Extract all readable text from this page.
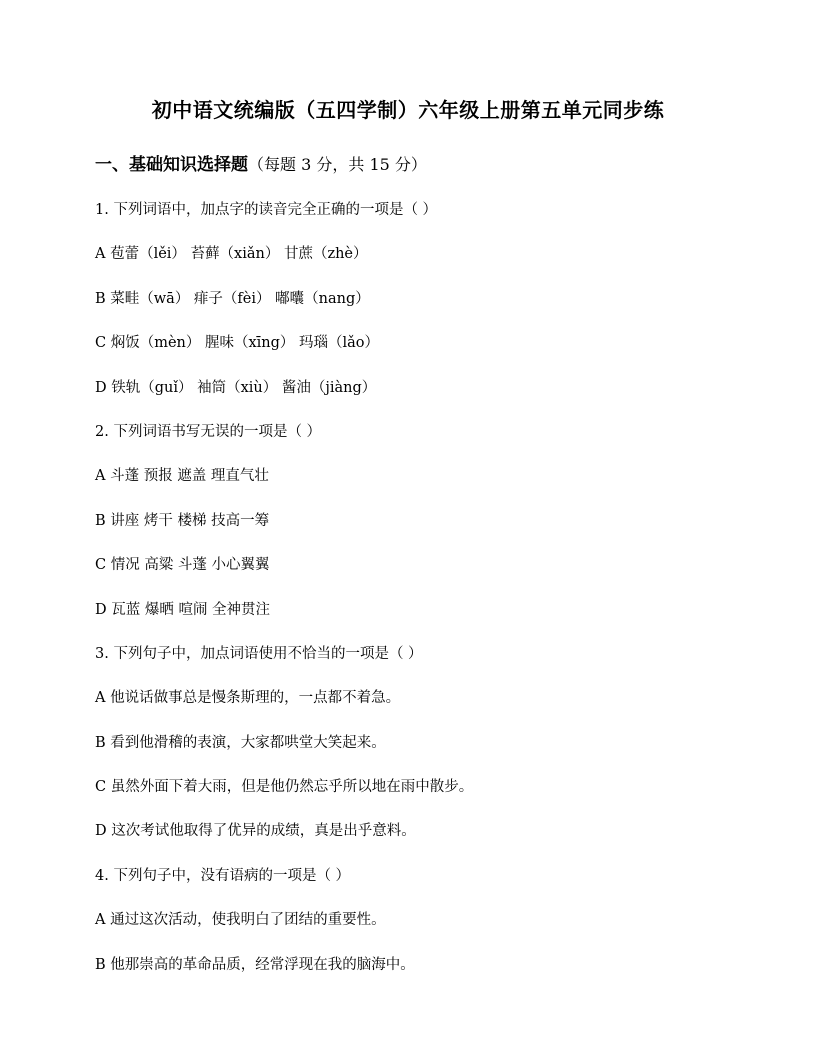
初中语文统编版（五四学制）六年级上册第五单元同步练
一、基础知识选择题（每题 3 分，共 15 分）
1. 下列词语中，加点字的读音完全正确的一项是（ ）
A 苞蕾（lěi） 苔藓（xiǎn） 甘蔗（zhè）
B 菜畦（wā） 痱子（fèi） 嘟囔（nang）
C 焖饭（mèn） 腥味（xīng） 玛瑙（lǎo）
D 铁轨（guǐ） 袖筒（xiù） 酱油（jiàng）
2. 下列词语书写无误的一项是（ ）
A 斗蓬 预报 遮盖 理直气壮
B 讲座 烤干 楼梯 技高一筹
C 情况 高粱 斗蓬 小心翼翼
D 瓦蓝 爆晒 喧闹 全神贯注
3. 下列句子中，加点词语使用不恰当的一项是（ ）
A 他说话做事总是慢条斯理的，一点都不着急。
B 看到他滑稽的表演，大家都哄堂大笑起来。
C 虽然外面下着大雨，但是他仍然忘乎所以地在雨中散步。
D 这次考试他取得了优异的成绩，真是出乎意料。
4. 下列句子中，没有语病的一项是（ ）
A 通过这次活动，使我明白了团结的重要性。
B 他那崇高的革命品质，经常浮现在我的脑海中。
